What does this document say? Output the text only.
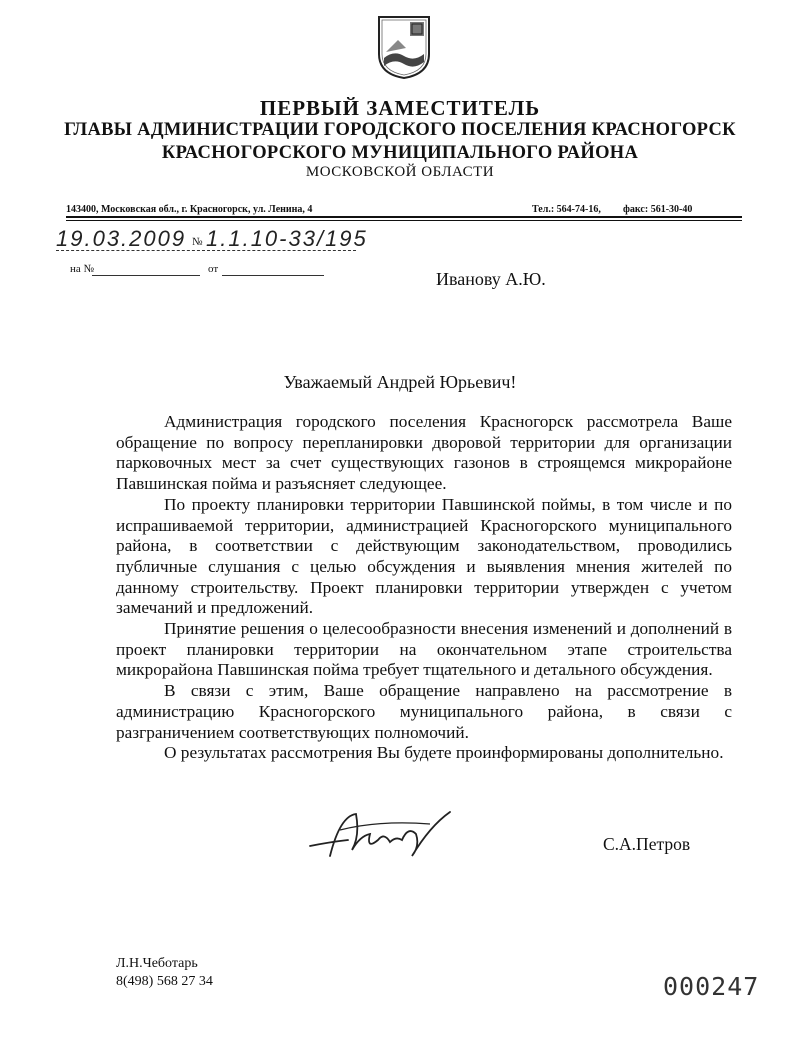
ПЕРВЫЙ ЗАМЕСТИТЕЛЬ
ГЛАВЫ АДМИНИСТРАЦИИ ГОРОДСКОГО ПОСЕЛЕНИЯ КРАСНОГОРСК
КРАСНОГОРСКОГО МУНИЦИПАЛЬНОГО РАЙОНА
МОСКОВСКОЙ ОБЛАСТИ
143400, Московская обл., г. Красногорск, ул. Ленина, 4	Тел.: 564-74-16, факс: 561-30-40
19.03.2009 № 1.1.10-33/195
на №	от	Иванову А.Ю.
Уважаемый Андрей Юрьевич!

Администрация городского поселения Красногорск рассмотрела Ваше обращение по вопросу перепланировки дворовой территории для организации парковочных мест за счет существующих газонов в строящемся микрорайоне Павшинская пойма и разъясняет следующее.

По проекту планировки территории Павшинской поймы, в том числе и по испрашиваемой территории, администрацией Красногорского муниципального района, в соответствии с действующим законодательством, проводились публичные слушания с целью обсуждения и выявления мнения жителей по данному строительству. Проект планировки территории утвержден с учетом замечаний и предложений.

Принятие решения о целесообразности внесения изменений и дополнений в проект планировки территории на окончательном этапе строительства микрорайона Павшинская пойма требует тщательного и детального обсуждения.

В связи с этим, Ваше обращение направлено на рассмотрение в администрацию Красногорского муниципального района, в связи с разграничением соответствующих полномочий.

О результатах рассмотрения Вы будете проинформированы дополнительно.

С.А.Петров
Л.Н.Чеботарь
8(498) 568 27 34	000247
